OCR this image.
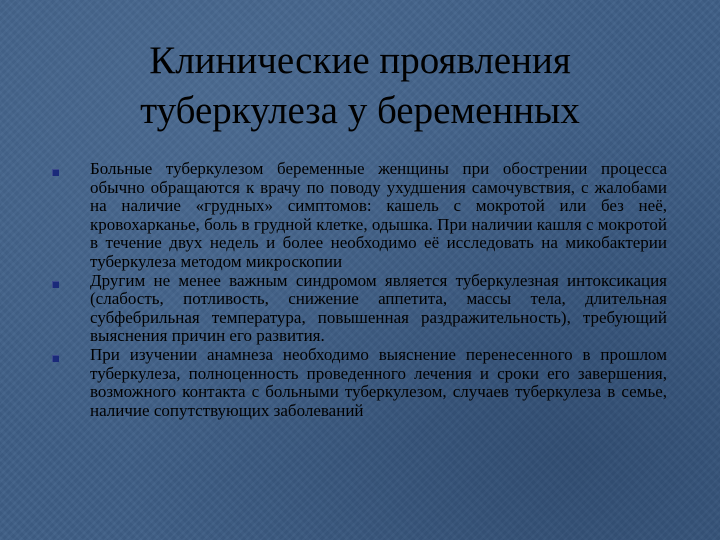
Клинические проявления
туберкулеза у беременных
Больные туберкулезом беременные женщины при обострении процесса обычно обращаются к врачу по поводу ухудшения самочувствия, с жалобами на наличие «грудных» симптомов: кашель с мокротой или без неё, кровохарканье, боль в грудной клетке, одышка. При наличии кашля с мокротой в течение двух недель и более необходимо её исследовать на микобактерии туберкулеза методом микроскопии
Другим не менее важным синдромом является туберкулезная интоксикация (слабость, потливость, снижение аппетита, массы тела, длительная субфебрильная температура, повышенная раздражительность), требующий выяснения причин его развития.
При изучении анамнеза необходимо выяснение перенесенного в прошлом туберкулеза, полноценность проведенного лечения и сроки его завершения, возможного контакта с больными туберкулезом, случаев туберкулеза в семье, наличие сопутствующих заболеваний
